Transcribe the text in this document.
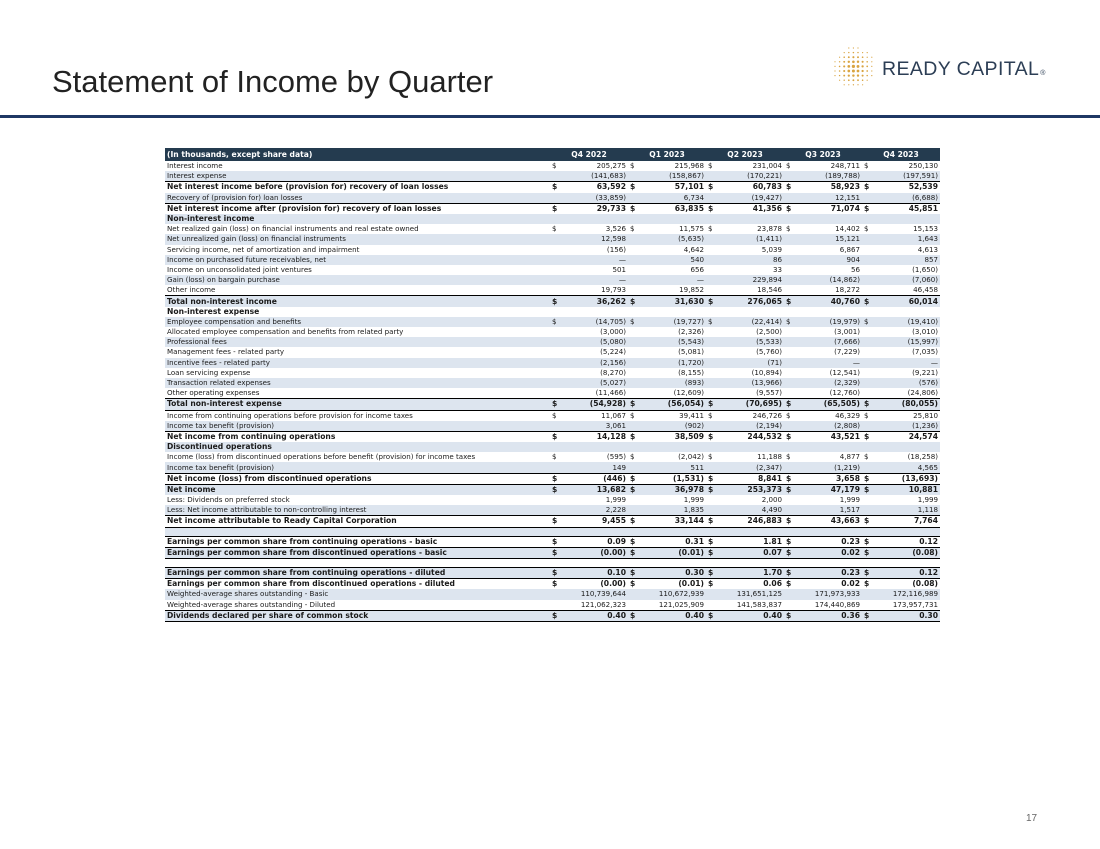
Statement of Income by Quarter	READY CAPITAL®
(In thousands, except share data)	Q4 2022		Q1 2023		Q2 2023		Q3 2023		Q4 2023	
Interest income	$	205,275	$	215,968	$	231,004	$	248,711	$	250,130
Interest expense		(141,683)		(158,867)		(170,221)		(189,788)		(197,591)
Net interest income before (provision for) recovery of loan losses	$	63,592	$	57,101	$	60,783	$	58,923	$	52,539
Recovery of (provision for) loan losses		(33,859)		6,734		(19,427)		12,151		(6,688)
Net interest income after (provision for) recovery of loan losses	$	29,733	$	63,835	$	41,356	$	71,074	$	45,851
Non-interest income										
Net realized gain (loss) on financial instruments and real estate owned	$	3,526	$	11,575	$	23,878	$	14,402	$	15,153
Net unrealized gain (loss) on financial instruments		12,598		(5,635)		(1,411)		15,121		1,643
Servicing income, net of amortization and impairment		(156)		4,642		5,039		6,867		4,613
Income on purchased future receivables, net		—		540		86		904		857
Income on unconsolidated joint ventures		501		656		33		56		(1,650)
Gain (loss) on bargain purchase		—		—		229,894		(14,862)		(7,060)
Other income		19,793		19,852		18,546		18,272		46,458
Total non-interest income	$	36,262	$	31,630	$	276,065	$	40,760	$	60,014
Non-interest expense										
Employee compensation and benefits	$	(14,705)	$	(19,727)	$	(22,414)	$	(19,979)	$	(19,410)
Allocated employee compensation and benefits from related party		(3,000)		(2,326)		(2,500)		(3,001)		(3,010)
Professional fees		(5,080)		(5,543)		(5,533)		(7,666)		(15,997)
Management fees - related party		(5,224)		(5,081)		(5,760)		(7,229)		(7,035)
Incentive fees - related party		(2,156)		(1,720)		(71)		—		—
Loan servicing expense		(8,270)		(8,155)		(10,894)		(12,541)		(9,221)
Transaction related expenses		(5,027)		(893)		(13,966)		(2,329)		(576)
Other operating expenses		(11,466)		(12,609)		(9,557)		(12,760)		(24,806)
Total non-interest expense	$	(54,928)	$	(56,054)	$	(70,695)	$	(65,505)	$	(80,055)
Income from continuing operations before provision for income taxes	$	11,067	$	39,411	$	246,726	$	46,329	$	25,810
Income tax benefit (provision)		3,061		(902)		(2,194)		(2,808)		(1,236)
Net income from continuing operations	$	14,128	$	38,509	$	244,532	$	43,521	$	24,574
Discontinued operations										
Income (loss) from discontinued operations before benefit (provision) for income taxes	$	(595)	$	(2,042)	$	11,188	$	4,877	$	(18,258)
Income tax benefit (provision)		149		511		(2,347)		(1,219)		4,565
Net income (loss) from discontinued operations	$	(446)	$	(1,531)	$	8,841	$	3,658	$	(13,693)
Net income	$	13,682	$	36,978	$	253,373	$	47,179	$	10,881
Less: Dividends on preferred stock		1,999		1,999		2,000		1,999		1,999
Less: Net income attributable to non-controlling interest		2,228		1,835		4,490		1,517		1,118
Net income attributable to Ready Capital Corporation	$	9,455	$	33,144	$	246,883	$	43,663	$	7,764

Earnings per common share from continuing operations - basic	$	0.09	$	0.31	$	1.81	$	0.23	$	0.12
Earnings per common share from discontinued operations - basic	$	(0.00)	$	(0.01)	$	0.07	$	0.02	$	(0.08)

Earnings per common share from continuing operations - diluted	$	0.10	$	0.30	$	1.70	$	0.23	$	0.12
Earnings per common share from discontinued operations - diluted	$	(0.00)	$	(0.01)	$	0.06	$	0.02	$	(0.08)
Weighted-average shares outstanding - Basic		110,739,644		110,672,939		131,651,125		171,973,933		172,116,989
Weighted-average shares outstanding - Diluted		121,062,323		121,025,909		141,583,837		174,440,869		173,957,731
Dividends declared per share of common stock	$	0.40	$	0.40	$	0.40	$	0.36	$	0.30
17
